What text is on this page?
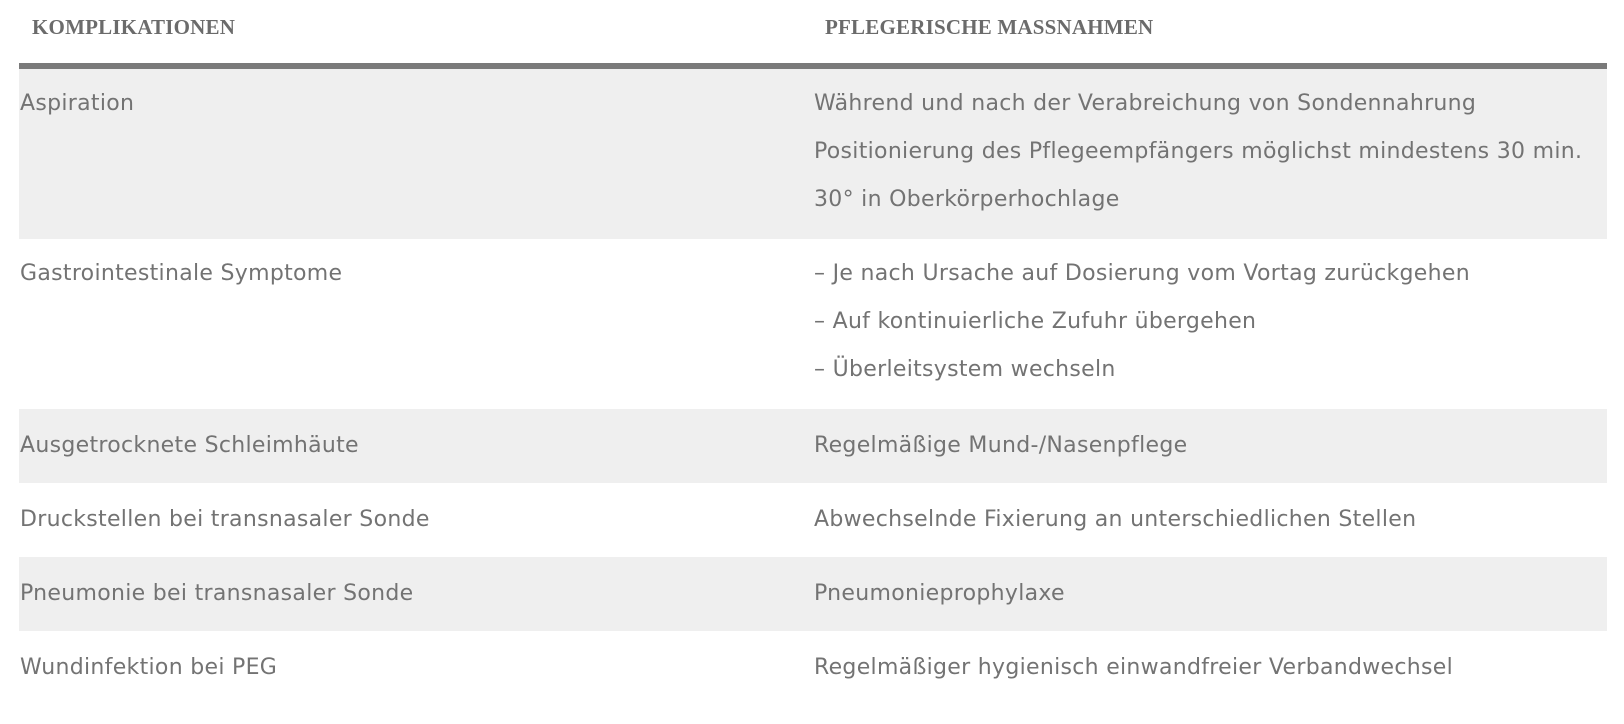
KOMPLIKATIONEN	PFLEGERISCHE MASSNAHMEN
Aspiration	Während und nach der Verabreichung von Sondennahrung
Positionierung des Pflegeempfängers möglichst mindestens 30 min.
30° in Oberkörperhochlage
Gastrointestinale Symptome	– Je nach Ursache auf Dosierung vom Vortag zurückgehen
– Auf kontinuierliche Zufuhr übergehen
– Überleitsystem wechseln
Ausgetrocknete Schleimhäute	Regelmäßige Mund-/Nasenpflege
Druckstellen bei transnasaler Sonde	Abwechselnde Fixierung an unterschiedlichen Stellen
Pneumonie bei transnasaler Sonde	Pneumonieprophylaxe
Wundinfektion bei PEG	Regelmäßiger hygienisch einwandfreier Verbandwechsel
